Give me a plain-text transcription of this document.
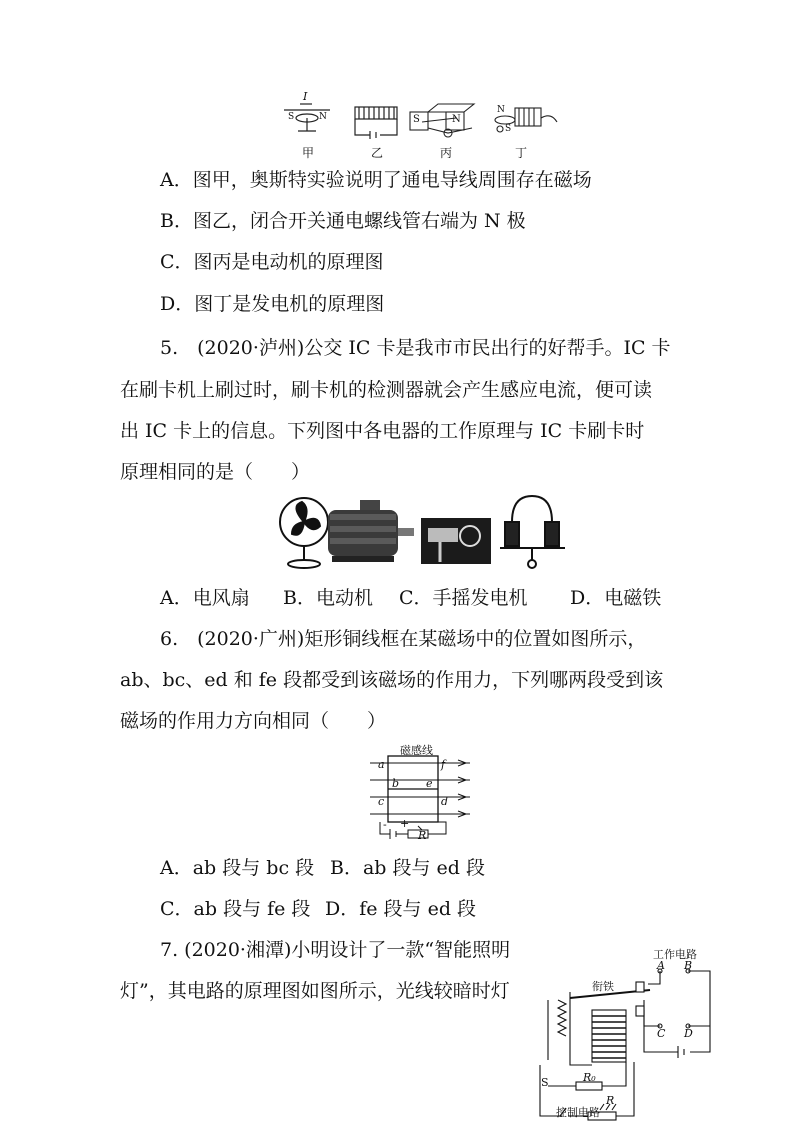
I
S	N	S	N
N
S
甲	乙	丙	丁
A．图甲，奥斯特实验说明了通电导线周围存在磁场
B．图乙，闭合开关通电螺线管右端为 N 极
C．图丙是电动机的原理图
D．图丁是发电机的原理图
5.　(2020·泸州)公交 IC 卡是我市市民出行的好帮手。IC 卡
在刷卡机上刷过时，刷卡机的检测器就会产生感应电流，便可读
出 IC 卡上的信息。下列图中各电器的工作原理与 IC 卡刷卡时
原理相同的是（　　）
A．电风扇 B．电动机 C．手摇发电机 D．电磁铁
6.　(2020·广州)矩形铜线框在某磁场中的位置如图所示，
ab、bc、ed 和 fe 段都受到该磁场的作用力，下列哪两段受到该
磁场的作用力方向相同（　　）
磁感线
a	f
b e
c	d
- +
R
A．ab 段与 bc 段 B．ab 段与 ed 段
C．ab 段与 fe 段 D．fe 段与 ed 段
7. (2020·湘潭)小明设计了一款“智能照明
灯”，其电路的原理图如图所示，光线较暗时灯
工作电路
A B
衔铁
C D
S	R₀
R
控制电路
